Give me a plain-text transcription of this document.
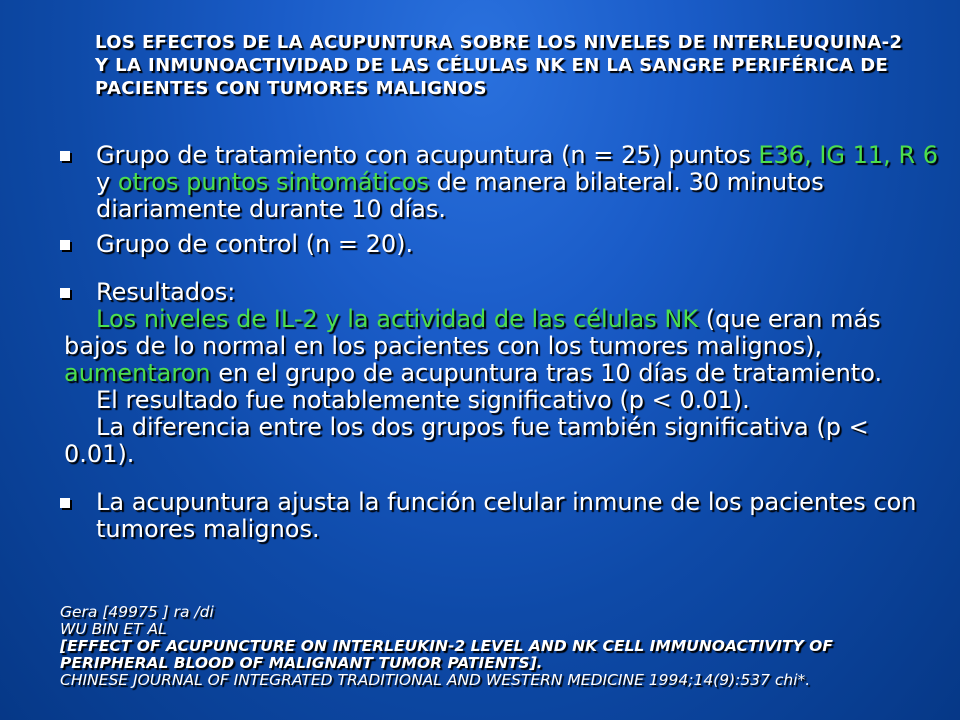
LOS EFECTOS DE LA ACUPUNTURA SOBRE LOS NIVELES DE INTERLEUQUINA-2 Y LA INMUNOACTIVIDAD DE LAS CÉLULAS NK EN LA SANGRE PERIFÉRICA DE PACIENTES CON TUMORES MALIGNOS
Grupo de tratamiento con acupuntura (n = 25) puntos E36, IG 11, R 6 y otros puntos sintomáticos de manera bilateral. 30 minutos diariamente durante 10 días.
Grupo de control (n = 20).
Resultados:
Los niveles de IL-2 y la actividad de las células NK (que eran más bajos de lo normal en los pacientes con los tumores malignos), aumentaron en el grupo de acupuntura tras 10 días de tratamiento.
El resultado fue notablemente significativo (p < 0.01).
La diferencia entre los dos grupos fue también significativa (p < 0.01).
La acupuntura ajusta la función celular inmune de los pacientes con tumores malignos.
Gera [49975 ] ra /di
WU BIN ET AL
[EFFECT OF ACUPUNCTURE ON INTERLEUKIN-2 LEVEL AND NK CELL IMMUNOACTIVITY OF PERIPHERAL BLOOD OF MALIGNANT TUMOR PATIENTS].
CHINESE JOURNAL OF INTEGRATED TRADITIONAL AND WESTERN MEDICINE 1994;14(9):537 chi*.
